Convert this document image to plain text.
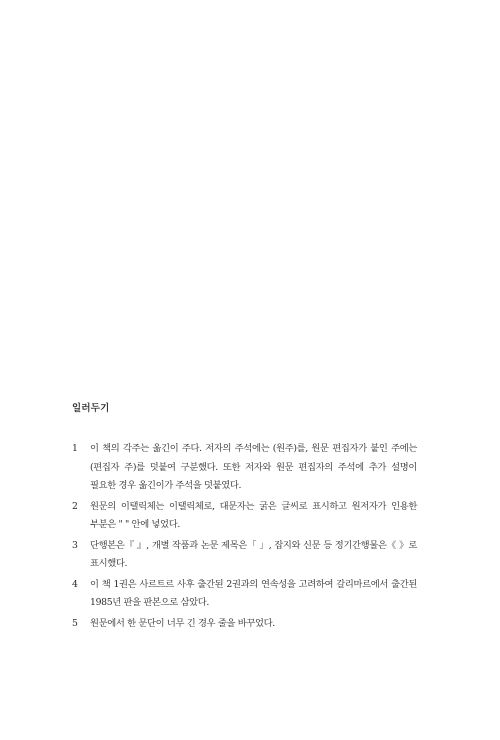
일러두기
1	이 책의 각주는 옮긴이 주다. 저자의 주석에는 (원주)를, 원문 편집자가 붙인 주에는 (편집자 주)를 덧붙여 구분했다. 또한 저자와 원문 편집자의 주석에 추가 설명이 필요한 경우 옮긴이가 주석을 덧붙였다.
2	원문의 이탤릭체는 이탤릭체로, 대문자는 굵은 글씨로 표시하고 원저자가 인용한 부분은 " " 안에 넣었다.
3	단행본은『 』, 개별 작품과 논문 제목은「 」, 잡지와 신문 등 정기간행물은《 》로 표시했다.
4	이 책 1권은 사르트르 사후 출간된 2권과의 연속성을 고려하여 갈리마르에서 출간된 1985년 판을 판본으로 삼았다.
5	원문에서 한 문단이 너무 긴 경우 줄을 바꾸었다.
